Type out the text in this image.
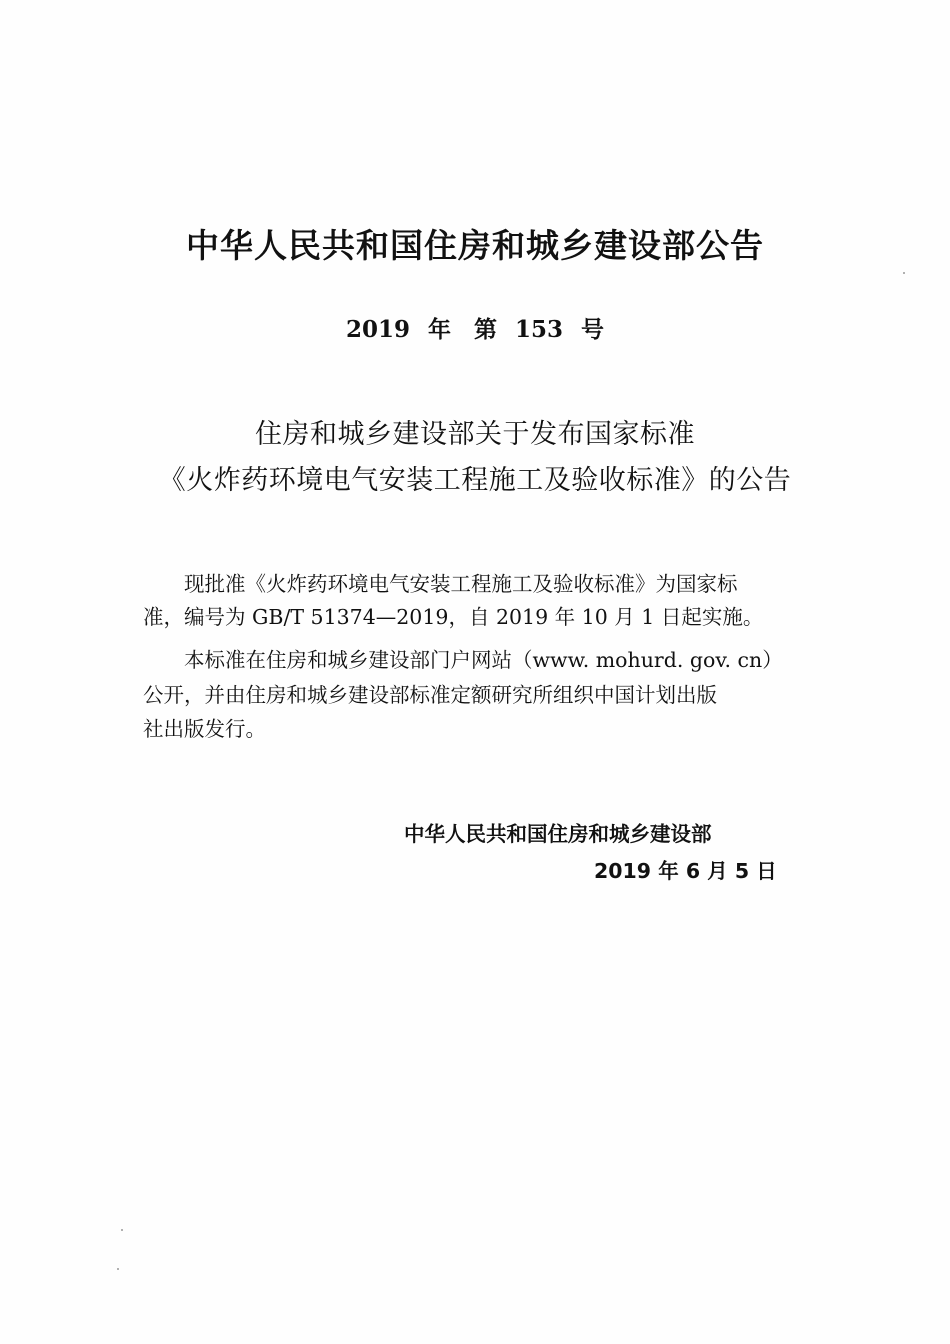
中华人民共和国住房和城乡建设部公告
2019 年　第 153 号
住房和城乡建设部关于发布国家标准
《火炸药环境电气安装工程施工及验收标准》的公告
现批准《火炸药环境电气安装工程施工及验收标准》为国家标
准，编号为 GB/T 51374—2019，自 2019 年 10 月 1 日起实施。
本标准在住房和城乡建设部门户网站（www. mohurd. gov. cn）
公开，并由住房和城乡建设部标准定额研究所组织中国计划出版
社出版发行。
中华人民共和国住房和城乡建设部
2019 年 6 月 5 日
